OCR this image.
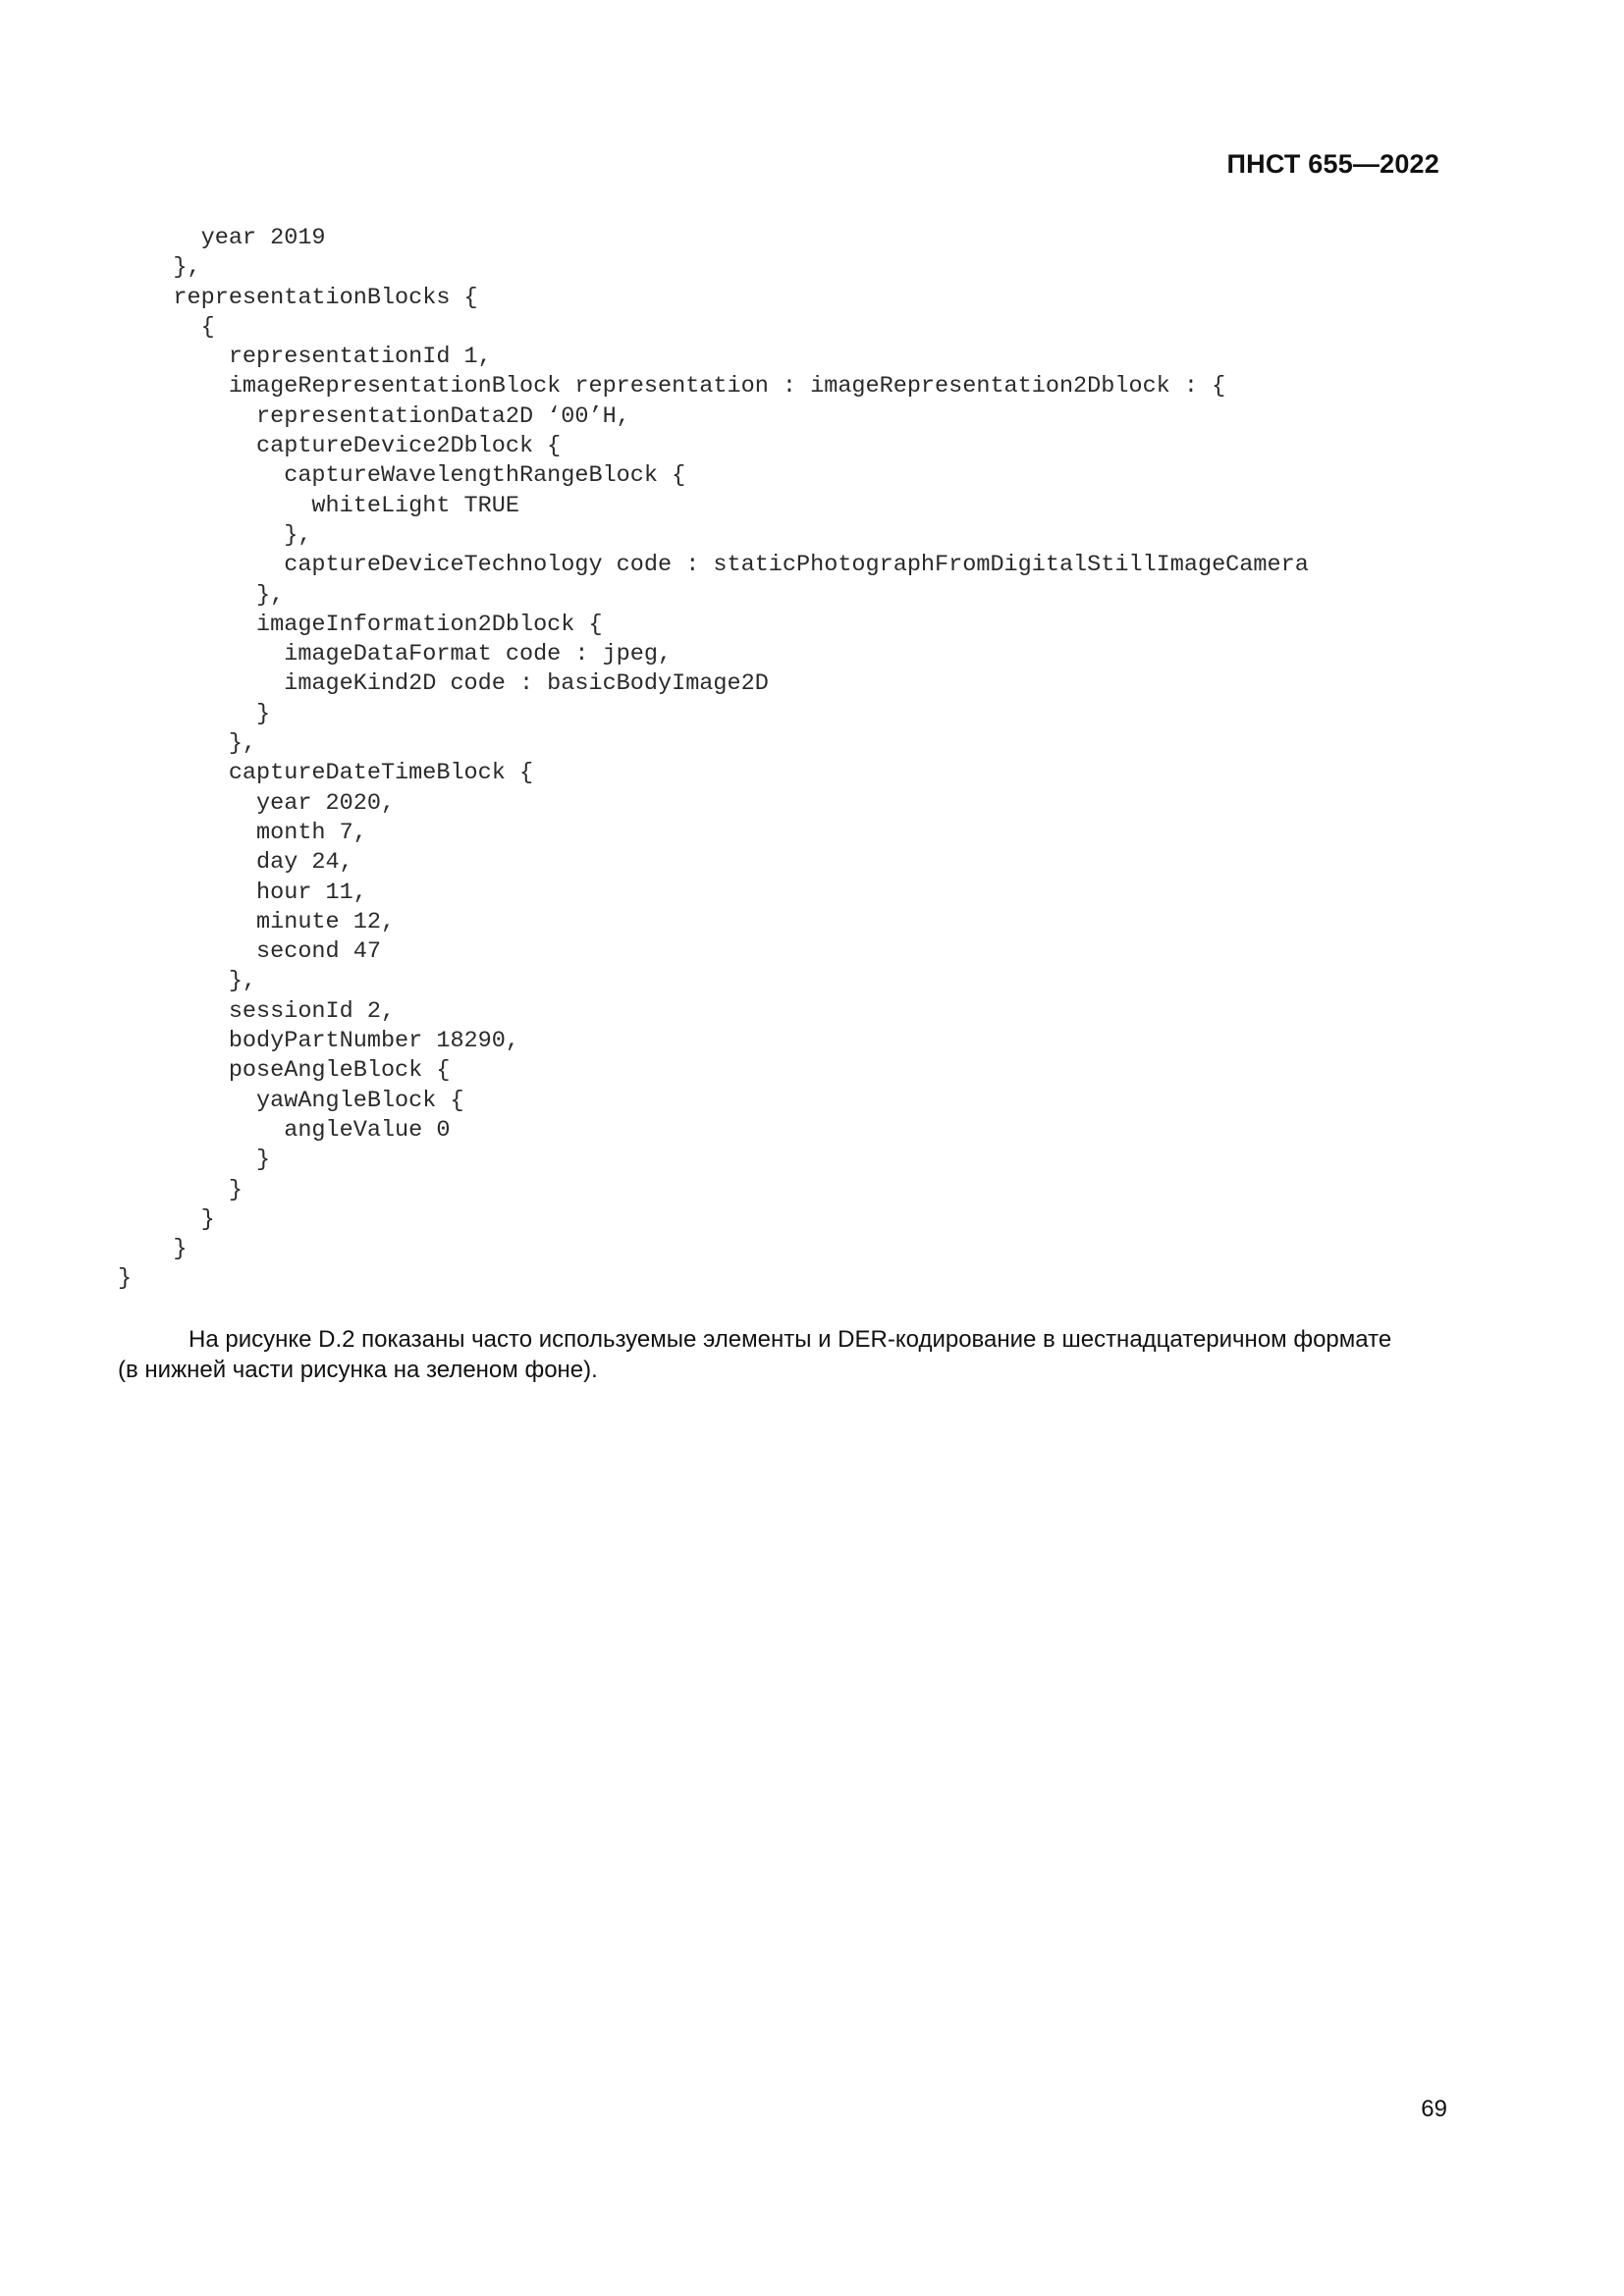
ПНСТ 655—2022
year 2019
},
representationBlocks {
{
representationId 1,
imageRepresentationBlock representation : imageRepresentation2Dblock : {
representationData2D ‘00’H,
captureDevice2Dblock {
captureWavelengthRangeBlock {
whiteLight TRUE
},
captureDeviceTechnology code : staticPhotographFromDigitalStillImageCamera
},
imageInformation2Dblock {
imageDataFormat code : jpeg,
imageKind2D code : basicBodyImage2D
}
},
captureDateTimeBlock {
year 2020,
month 7,
day 24,
hour 11,
minute 12,
second 47
},
sessionId 2,
bodyPartNumber 18290,
poseAngleBlock {
yawAngleBlock {
angleValue 0
}
}
}
}
}

На рисунке D.2 показаны часто используемые элементы и DER-кодирование в шестнадцатеричном формате
(в нижней части рисунка на зеленом фоне).

69
